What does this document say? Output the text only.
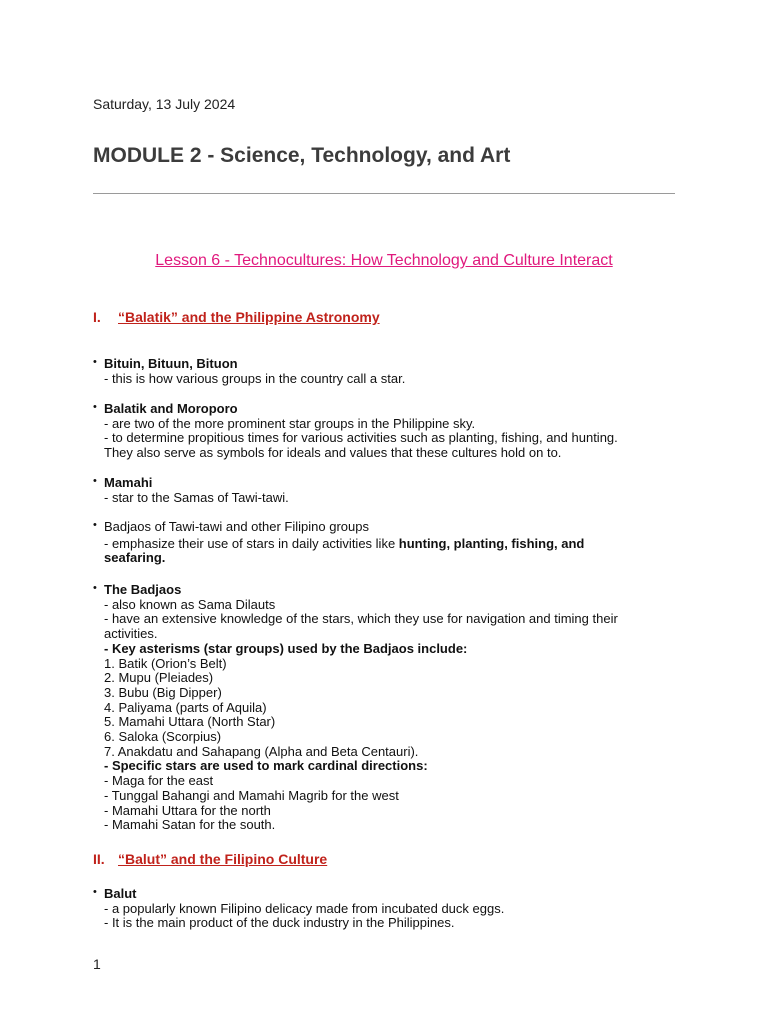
Saturday, 13 July 2024
MODULE 2 - Science, Technology, and Art
Lesson 6 - Technocultures: How Technology and Culture Interact
I. “Balatik” and the Philippine Astronomy
• Bituin, Bituun, Bituon
- this is how various groups in the country call a star.
• Balatik and Moroporo
- are two of the more prominent star groups in the Philippine sky.
- to determine propitious times for various activities such as planting, fishing, and hunting.
They also serve as symbols for ideals and values that these cultures hold on to.
• Mamahi
- star to the Samas of Tawi-tawi.
• Badjaos of Tawi-tawi and other Filipino groups
- emphasize their use of stars in daily activities like hunting, planting, fishing, and
seafaring.
• The Badjaos
- also known as Sama Dilauts
- have an extensive knowledge of the stars, which they use for navigation and timing their
activities.
- Key asterisms (star groups) used by the Badjaos include:
1. Batik (Orion’s Belt)
2. Mupu (Pleiades)
3. Bubu (Big Dipper)
4. Paliyama (parts of Aquila)
5. Mamahi Uttara (North Star)
6. Saloka (Scorpius)
7. Anakdatu and Sahapang (Alpha and Beta Centauri).
- Specific stars are used to mark cardinal directions:
- Maga for the east
- Tunggal Bahangi and Mamahi Magrib for the west
- Mamahi Uttara for the north
- Mamahi Satan for the south.
II. “Balut” and the Filipino Culture
• Balut
- a popularly known Filipino delicacy made from incubated duck eggs.
- It is the main product of the duck industry in the Philippines.
1
